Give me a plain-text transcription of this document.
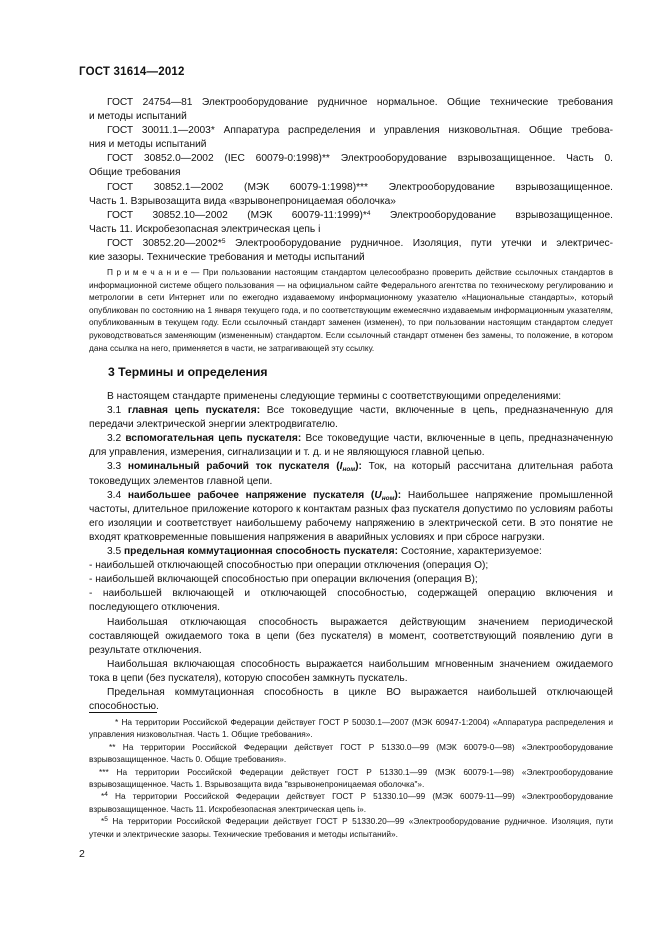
ГОСТ 31614—2012

ГОСТ 24754—81 Электрооборудование рудничное нормальное. Общие технические требования

и методы испытаний

ГОСТ 30011.1—2003* Аппаратура распределения и управления низковольтная. Общие требова-

ния и методы испытаний

ГОСТ 30852.0—2002 (IEC 60079-0:1998)** Электрооборудование взрывозащищенное. Часть 0.

Общие требования

ГОСТ 30852.1—2002 (МЭК 60079-1:1998)*** Электрооборудование взрывозащищенное.

Часть 1. Взрывозащита вида «взрывонепроницаемая оболочка»

ГОСТ 30852.10—2002 (МЭК 60079-11:1999)*$^4$ Электрооборудование взрывозащищенное.

Часть 11. Искробезопасная электрическая цепь i

ГОСТ 30852.20—2002*$^5$ Электрооборудование рудничное. Изоляция, пути утечки и электричес-

кие зазоры. Технические требования и методы испытаний

П р и м е ч а н и е — При пользовании настоящим стандартом целесообразно проверить действие ссылочных стандартов в информационной системе общего пользования — на официальном сайте Федерального агентства по техническому регулированию и метрологии в сети Интернет или по ежегодно издаваемому информационному указателю «Национальные стандарты», который опубликован по состоянию на 1 января текущего года, и по соответствующим ежемесячно издаваемым информационным указателям, опубликованным в текущем году. Если ссылочный стандарт заменен (изменен), то при пользовании настоящим стандартом следует руководствоваться заменяющим (измененным) стандартом. Если ссылочный стандарт отменен без замены, то положение, в котором дана ссылка на него, применяется в части, не затрагивающей эту ссылку.
3 Термины и определения

В настоящем стандарте применены следующие термины с соответствующими определениями:

3.1 главная цепь пускателя: Все токоведущие части, включенные в цепь, предназначенную для передачи электрической энергии электродвигателю.

3.2 вспомогательная цепь пускателя: Все токоведущие части, включенные в цепь, предназначенную для управления, измерения, сигнализации и т. д. и не являющуюся главной цепью.

3.3 номинальный рабочий ток пускателя $(I_{ном})$: Ток, на который рассчитана длительная работа токоведущих элементов главной цепи.

3.4 наибольшее рабочее напряжение пускателя $(U_{ном})$: Наибольшее напряжение промышленной частоты, длительное приложение которого к контактам разных фаз пускателя допустимо по условиям работы его изоляции и соответствует наибольшему рабочему напряжению в электрической сети. В это понятие не входят кратковременные повышения напряжения в аварийных условиях и при сбросе нагрузки.

3.5 предельная коммутационная способность пускателя: Состояние, характеризуемое:

- наибольшей отключающей способностью при операции отключения (операция О);

- наибольшей включающей способностью при операции включения (операция В);

- наибольшей включающей и отключающей способностью, содержащей операцию включения и последующего отключения.

Наибольшая отключающая способность выражается действующим значением периодической составляющей ожидаемого тока в цепи (без пускателя) в момент, соответствующий появлению дуги в результате отключения.

Наибольшая включающая способность выражается наибольшим мгновенным значением ожидаемого тока в цепи (без пускателя), которую способен замкнуть пускатель.

Предельная коммутационная способность в цикле ВО выражается наибольшей отключающей способностью.

* На территории Российской Федерации действует ГОСТ Р 50030.1—2007 (МЭК 60947-1:2004) «Аппаратура распределения и управления низковольтная. Часть 1. Общие требования».

** На территории Российской Федерации действует ГОСТ Р 51330.0—99 (МЭК 60079-0—98) «Электрооборудование взрывозащищенное. Часть 0. Общие требования».

*** На территории Российской Федерации действует ГОСТ Р 51330.1—99 (МЭК 60079-1—98) «Электрооборудование взрывозащищенное. Часть 1. Взрывозащита вида "взрывонепроницаемая оболочка"».

*$^4$ На территории Российской Федерации действует ГОСТ Р 51330.10—99 (МЭК 60079-11—99) «Электрооборудование взрывозащищенное. Часть 11. Искробезопасная электрическая цепь i».

*$^5$ На территории Российской Федерации действует ГОСТ Р 51330.20—99 «Электрооборудование рудничное. Изоляция, пути утечки и электрические зазоры. Технические требования и методы испытаний».

2
